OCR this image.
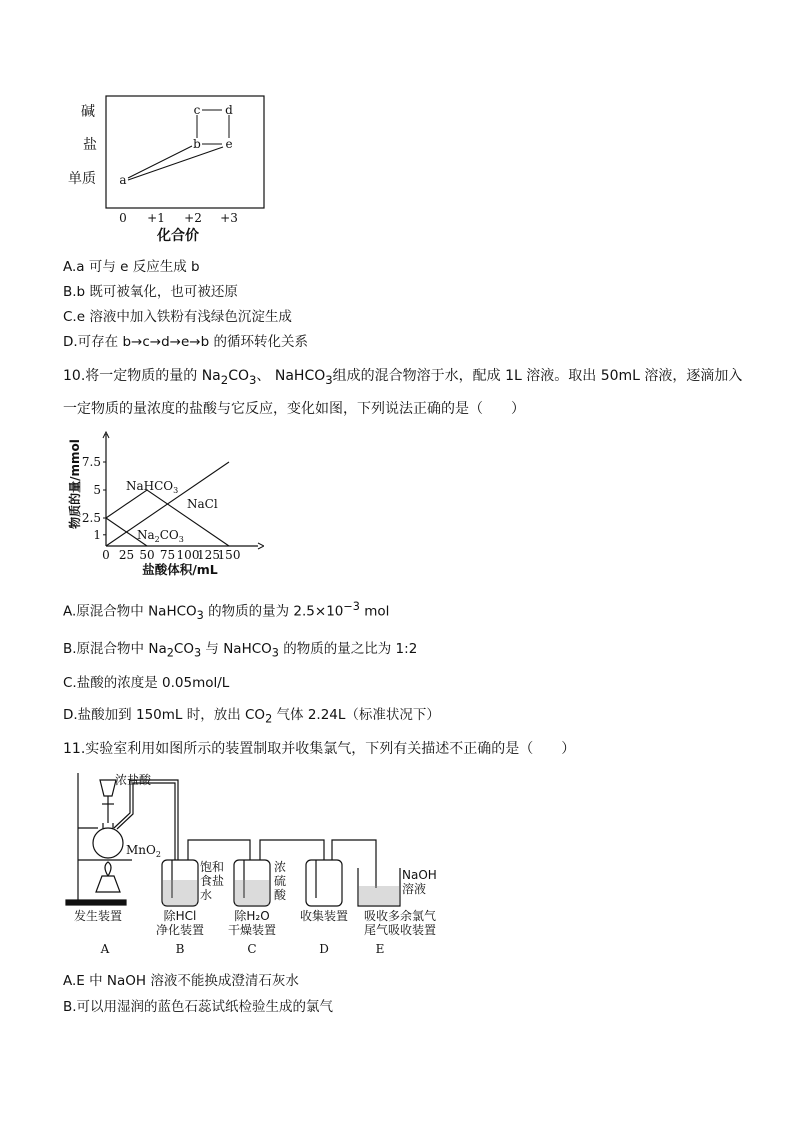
碱
盐
单质
0 +1 +2 +3
化合价
a
b
c d
e
A.a 可与 e 反应生成 b
B.b 既可被氧化，也可被还原
C.e 溶液中加入铁粉有浅绿色沉淀生成
D.可存在 b→c→d→e→b 的循环转化关系
10.将一定物质的量的 $Na_2CO_3$、 NaHCO$_3$组成的混合物溶于水，配成 1L 溶液。取出 50mL 溶液，逐滴加入
一定物质的量浓度的盐酸与它反应，变化如图，下列说法正确的是（　　）
7.5
5
2.5
1
0 25 50 75 100
125
150
物质的量/mmol
盐酸体积/mL
NaHCO$_3$
NaCl
$Na_2CO_3$
A.原混合物中 NaHCO$_3$ 的物质的量为 $2.5\times 10^{-3}$ mol
B.原混合物中 $Na_2CO_3$ 与 NaHCO$_3$ 的物质的量之比为 1:2
C.盐酸的浓度是 0.05mol/L
D.盐酸加到 150mL 时，放出 $CO_2$ 气体 2.24L（标准状况下）
11.实验室利用如图所示的装置制取并收集氯气，下列有关描述不正确的是（　　）
浓盐酸
MnO$_2$
饱和
食盐
水
浓
硫
酸
NaOH
溶液
发生装置	除HCl
净化装置
除H₂O
干燥装置
收集装置 吸收多余氯气
尾气吸收装置
A	B	C	D	E
A.E 中 NaOH 溶液不能换成澄清石灰水
B.可以用湿润的蓝色石蕊试纸检验生成的氯气
